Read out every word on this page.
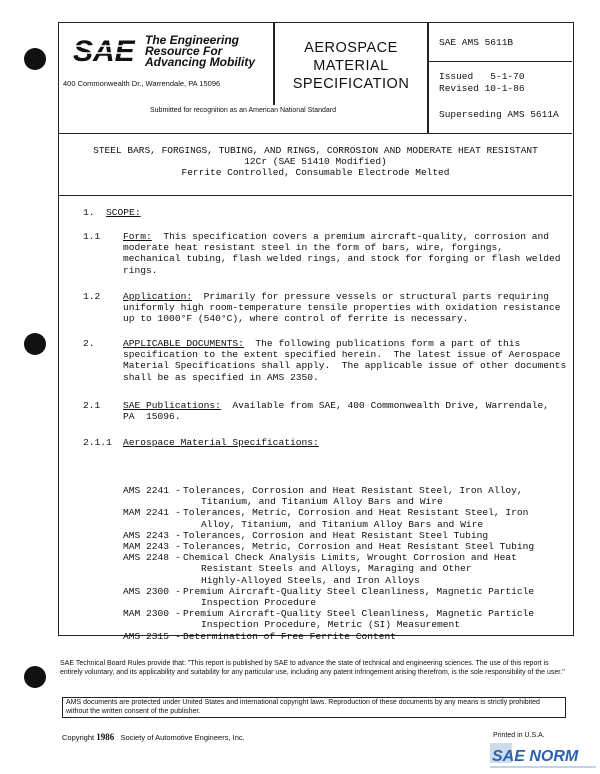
SAE The Engineering
Resource For
Advancing Mobility
400 Commonwealth Dr., Warrendale, PA 15096
AEROSPACE
MATERIAL
SPECIFICATION
Submitted for recognition as an American National Standard
SAE AMS 5611B
Issued   5-1-70
Revised 10-1-86
Superseding AMS 5611A
STEEL BARS, FORGINGS, TUBING, AND RINGS, CORROSION AND MODERATE HEAT RESISTANT
12Cr (SAE 51410 Modified)
Ferrite Controlled, Consumable Electrode Melted
1. SCOPE:
1.1 Form: This specification covers a premium aircraft-quality, corrosion and
moderate heat resistant steel in the form of bars, wire, forgings,
mechanical tubing, flash welded rings, and stock for forging or flash welded
rings.
1.2 Application: Primarily for pressure vessels or structural parts requiring
uniformly high room-temperature tensile properties with oxidation resistance
up to 1000°F (540°C), where control of ferrite is necessary.
2.	APPLICABLE DOCUMENTS: The following publications form a part of this
specification to the extent specified herein.  The latest issue of Aerospace
Material Specifications shall apply.  The applicable issue of other documents
shall be as specified in AMS 2350.
2.1 SAE Publications: Available from SAE, 400 Commonwealth Drive, Warrendale,
PA  15096.
2.1.1 Aerospace Material Specifications:
AMS 2241 - Tolerances, Corrosion and Heat Resistant Steel, Iron Alloy,
Titanium, and Titanium Alloy Bars and Wire
MAM 2241 - Tolerances, Metric, Corrosion and Heat Resistant Steel, Iron
Alloy, Titanium, and Titanium Alloy Bars and Wire
AMS 2243 - Tolerances, Corrosion and Heat Resistant Steel Tubing
MAM 2243 - Tolerances, Metric, Corrosion and Heat Resistant Steel Tubing
AMS 2248 - Chemical Check Analysis Limits, Wrought Corrosion and Heat
Resistant Steels and Alloys, Maraging and Other
Highly-Alloyed Steels, and Iron Alloys
AMS 2300 - Premium Aircraft-Quality Steel Cleanliness, Magnetic Particle
Inspection Procedure
MAM 2300 - Premium Aircraft-Quality Steel Cleanliness, Magnetic Particle
Inspection Procedure, Metric (SI) Measurement
AMS 2315 - Determination of Free Ferrite Content
SAE Technical Board Rules provide that: "This report is published by SAE to advance the state of technical and engineering sciences. The use of this report is entirely voluntary, and its applicability and suitability for any particular use, including any patent infringement arising therefrom, is the sole responsibility of the user."
AMS documents are protected under United States and international copyright laws. Reproduction of these documents by any means is strictly prohibited without the written consent of the publisher.
Copyright 1986 Society of Automotive Engineers, Inc.	Printed in U.S.A.
SAE NORM
